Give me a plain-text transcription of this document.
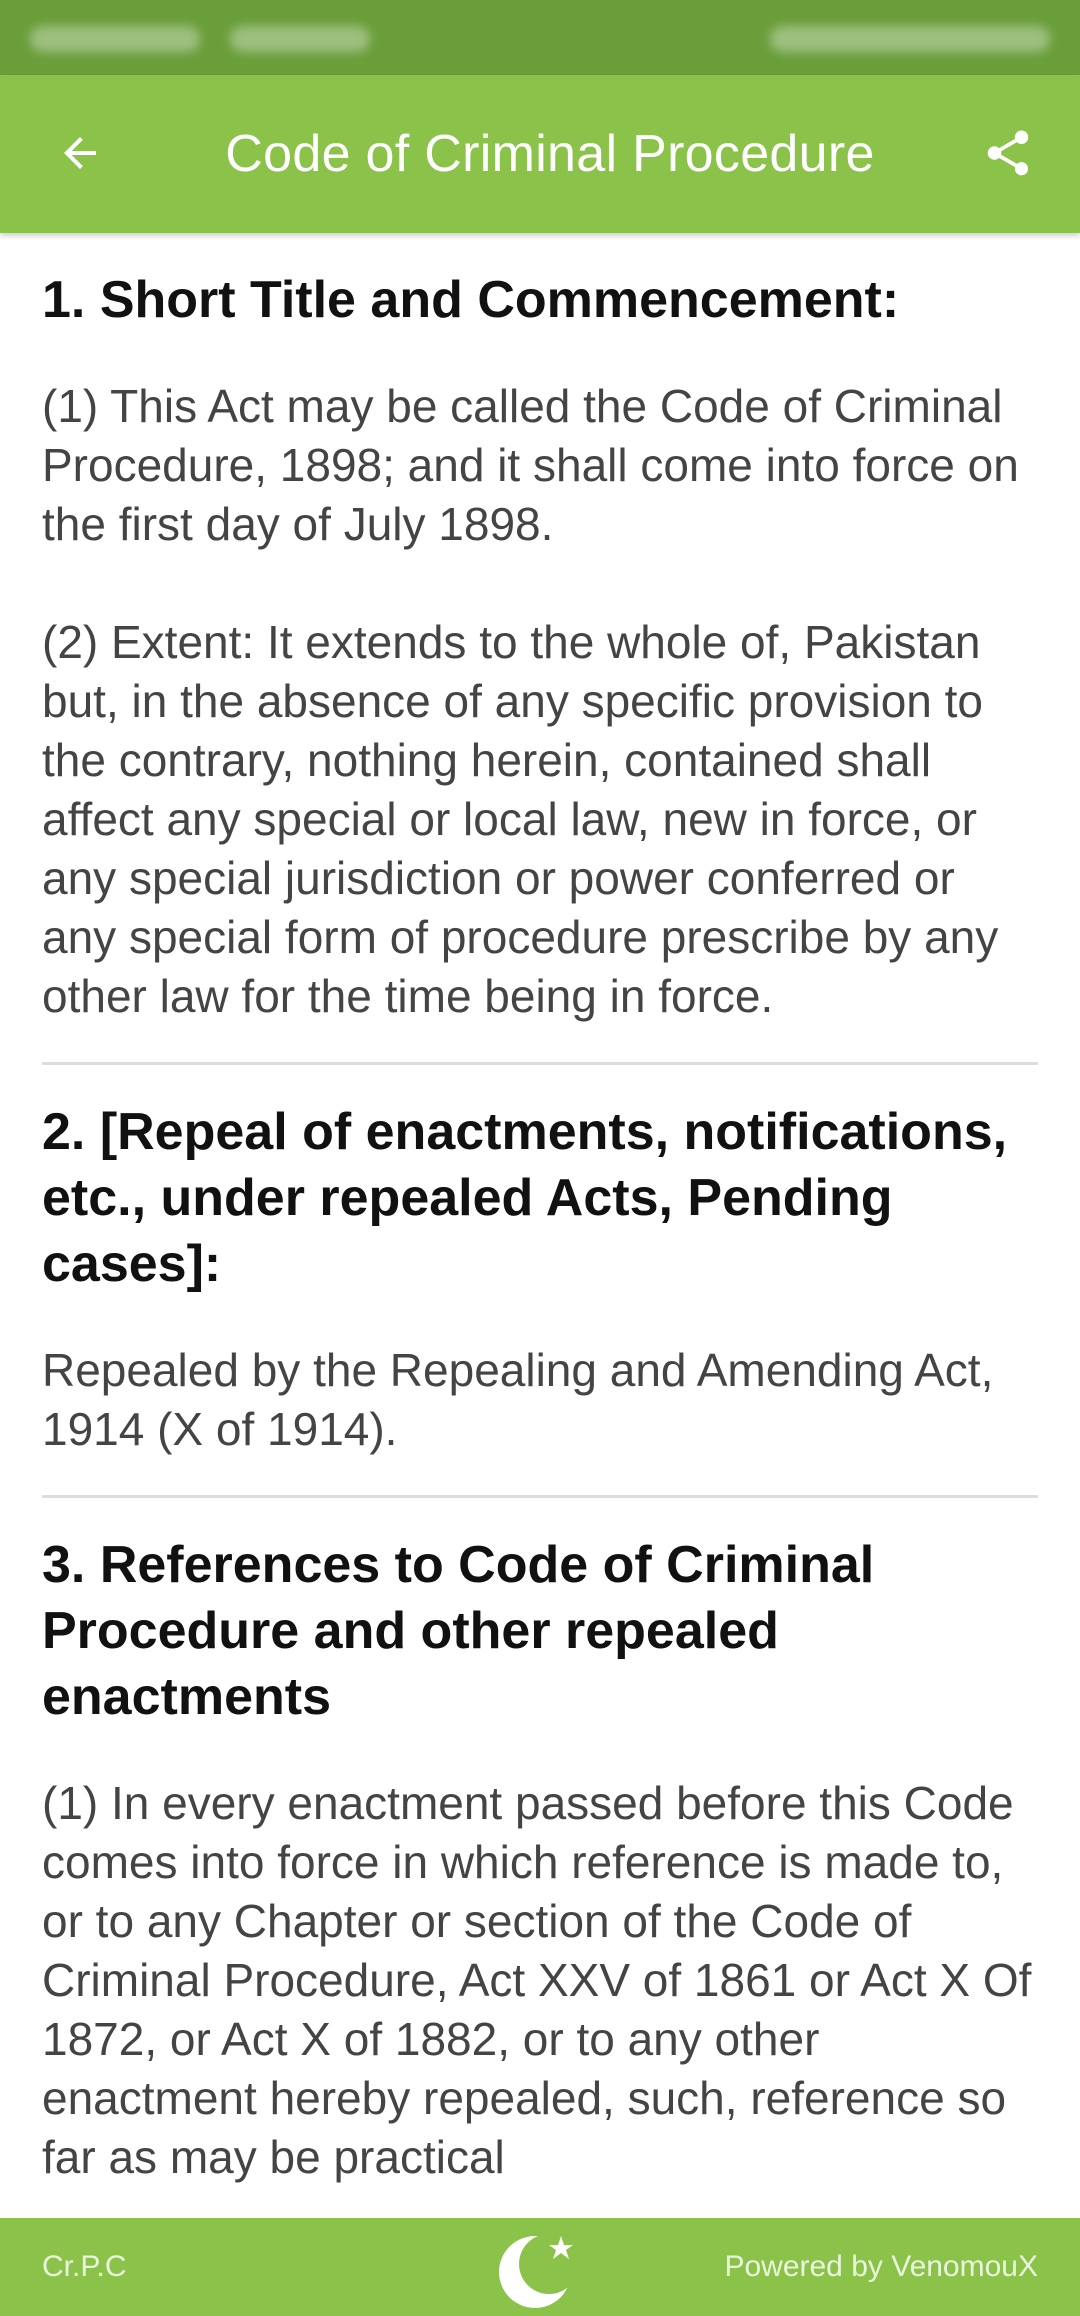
Code of Criminal Procedure
1. Short Title and Commencement:

(1) This Act may be called the Code of Criminal Procedure, 1898; and it shall come into force on the first day of July 1898.

(2) Extent: It extends to the whole of, Pakistan but, in the absence of any specific provision to the contrary, nothing herein, contained shall affect any special or local law, new in force, or any special jurisdiction or power conferred or any special form of procedure prescribe by any other law for the time being in force.

2. [Repeal of enactments, notifications, etc., under repealed Acts, Pending cases]:

Repealed by the Repealing and Amending Act, 1914 (X of 1914).

3. References to Code of Criminal Procedure and other repealed enactments

(1) In every enactment passed before this Code comes into force in which reference is made to, or to any Chapter or section of the Code of Criminal Procedure, Act XXV of 1861 or Act X Of 1872, or Act X of 1882, or to any other enactment hereby repealed, such, reference so far as may be practical

Cr.P.C	Powered by VenomouX
